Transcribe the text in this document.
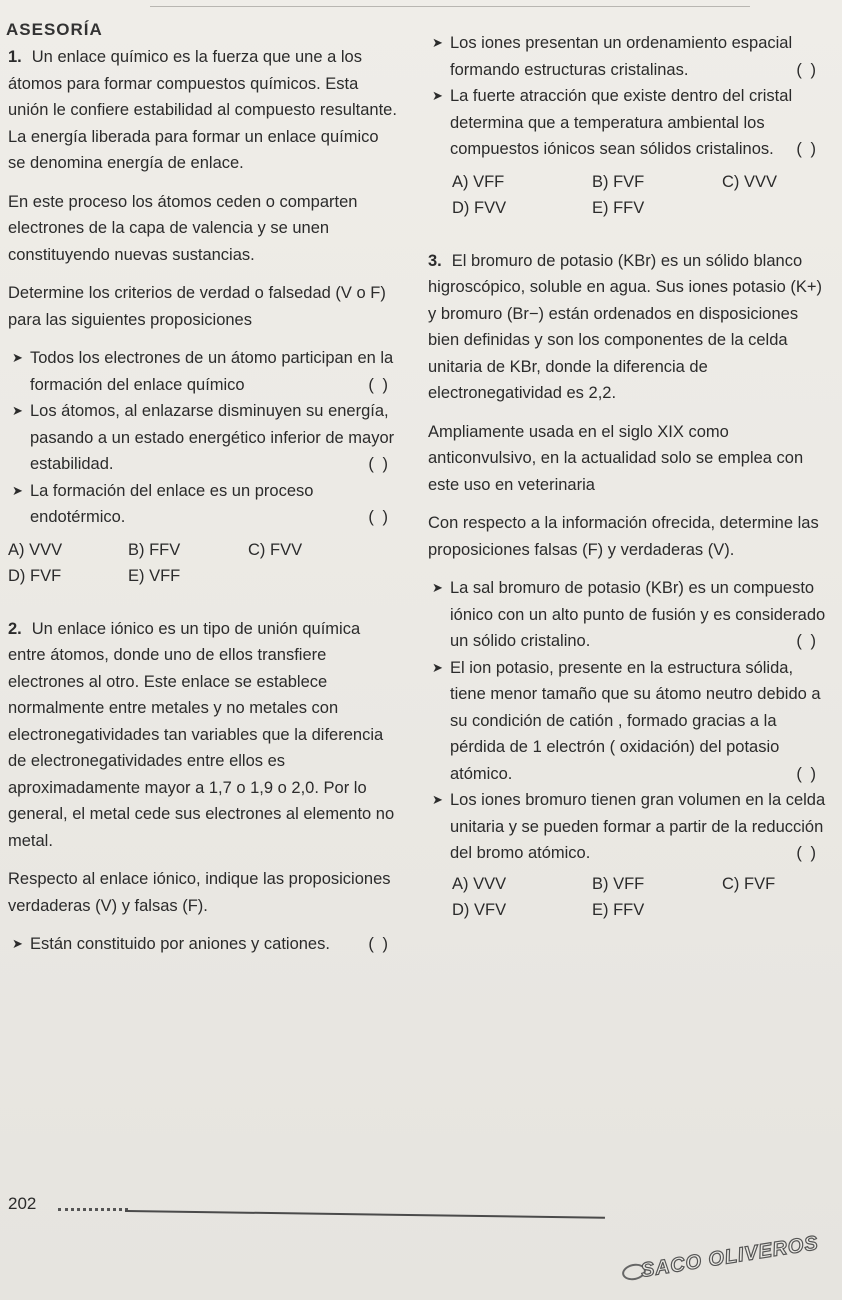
ASESORÍA

1. Un enlace químico es la fuerza que une a los átomos para formar compuestos químicos. Esta unión le confiere estabilidad al compuesto resultante. La energía liberada para formar un enlace químico se denomina energía de enlace.

En este proceso los átomos ceden o comparten electrones de la capa de valencia y se unen constituyendo nuevas sustancias.

Determine los criterios de verdad o falsedad (V o F) para las siguientes proposiciones

➤ Todos los electrones de un átomo participan en la formación del enlace químico	( )

➤ Los átomos, al enlazarse disminuyen su energía, pasando a un estado energético inferior de mayor estabilidad.	( )

➤ La formación del enlace es un proceso endotérmico.	( )

A) VVV	B) FFV	C) FVV
D) FVF	E) VFF

2. Un enlace iónico es un tipo de unión química entre átomos, donde uno de ellos transfiere electrones al otro. Este enlace se establece normalmente entre metales y no metales con electronegatividades tan variables que la diferencia de electronegatividades entre ellos es aproximadamente mayor a 1,7 o 1,9 o 2,0. Por lo general, el metal cede sus electrones al elemento no metal.

Respecto al enlace iónico, indique las proposiciones verdaderas (V) y falsas (F).

➤ Están constituido por aniones y cationes. ( )

➤ Los iones presentan un ordenamiento espacial formando estructuras cristalinas.	( )

➤ La fuerte atracción que existe dentro del cristal determina que a temperatura ambiental los compuestos iónicos sean sólidos cristalinos. ( )

A) VFF	B) FVF	C) VVV
D) FVV	E) FFV

3. El bromuro de potasio (KBr) es un sólido blanco higroscópico, soluble en agua. Sus iones potasio (K+) y bromuro (Br−) están ordenados en disposiciones bien definidas y son los componentes de la celda unitaria de KBr, donde la diferencia de electronegatividad es 2,2.

Ampliamente usada en el siglo XIX como anticonvulsivo, en la actualidad solo se emplea con este uso en veterinaria

Con respecto a la información ofrecida, determine las proposiciones falsas (F) y verdaderas (V).

➤ La sal bromuro de potasio (KBr) es un compuesto iónico con un alto punto de fusión y es considerado un sólido cristalino.	( )

➤ El ion potasio, presente en la estructura sólida, tiene menor tamaño que su átomo neutro debido a su condición de catión , formado gracias a la pérdida de 1 electrón ( oxidación) del potasio atómico.	( )

➤ Los iones bromuro tienen gran volumen en la celda unitaria y se pueden formar a partir de la reducción del bromo atómico.	( )

A) VVV	B) VFF	C) FVF
D) VFV	E) FFV
202
SACO OLIVEROS
